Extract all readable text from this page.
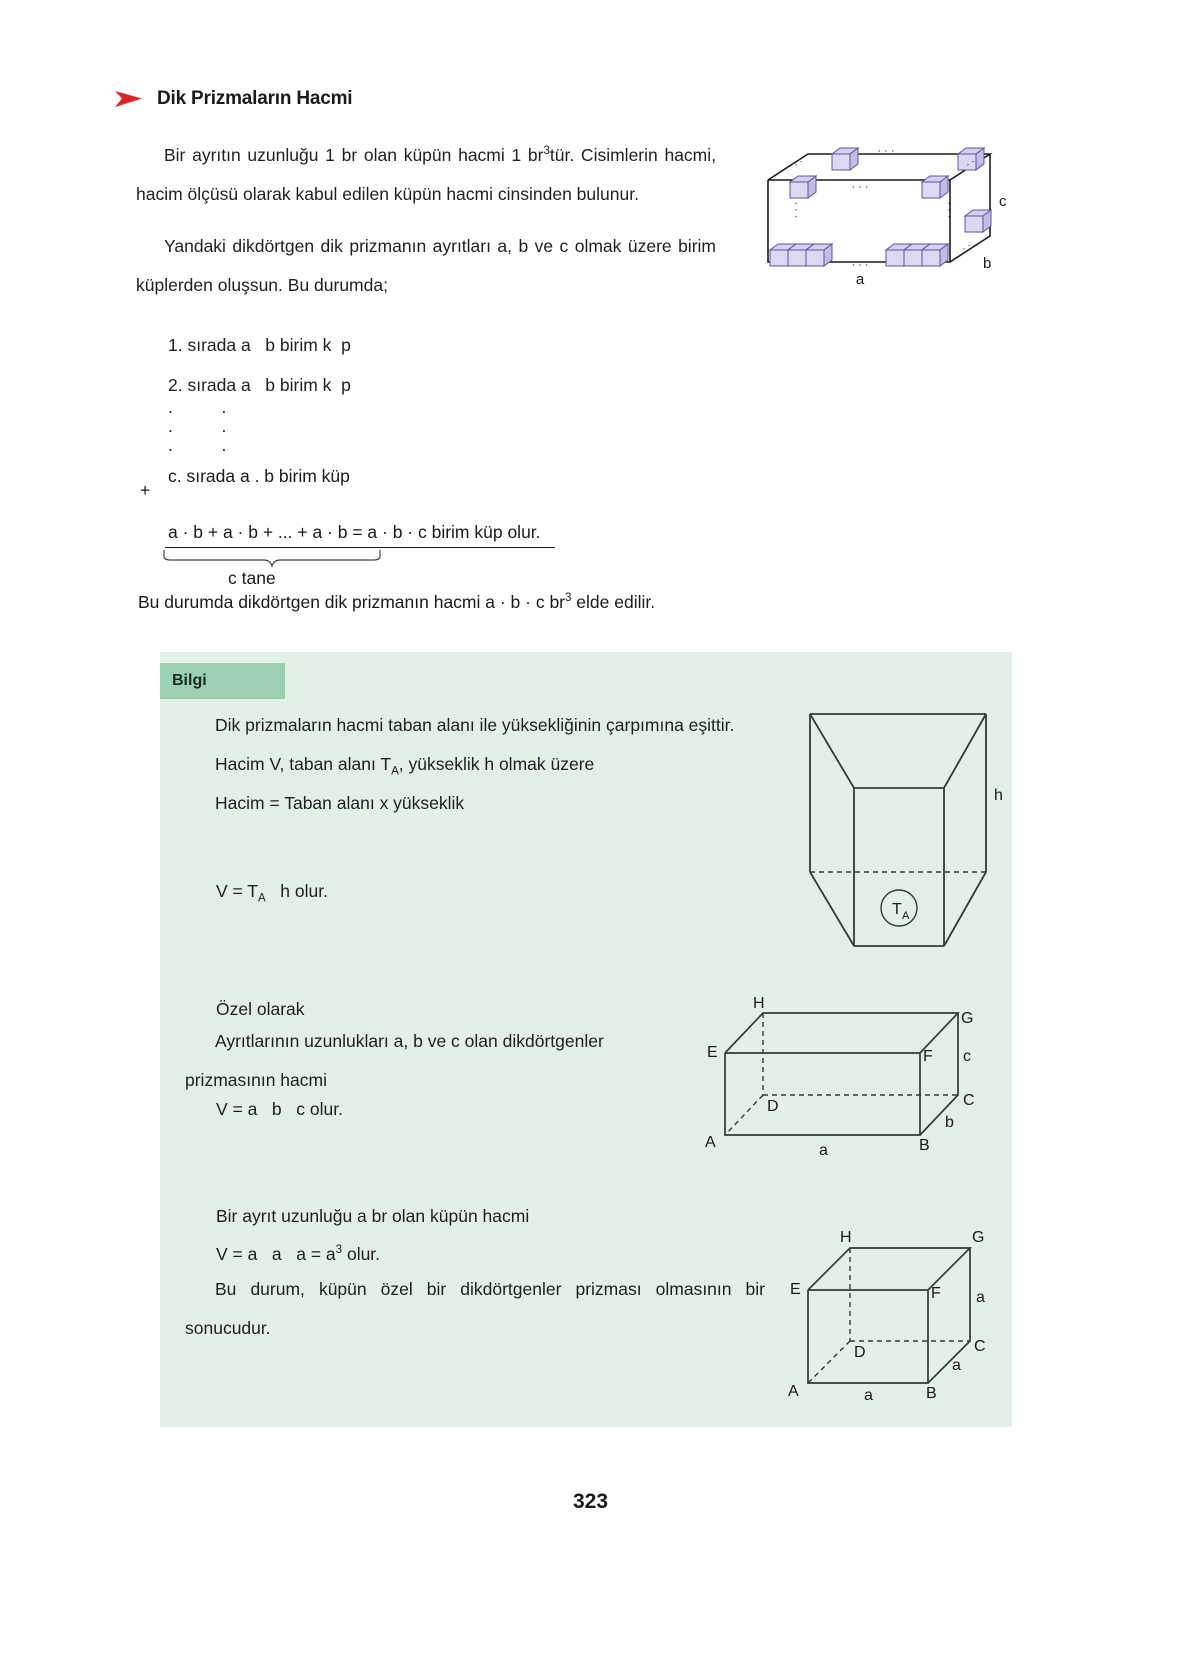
Dik Prizmaların Hacmi

Bir ayrıtın uzunluğu 1 br olan küpün hacmi 1 $br^3tür$. Cisimlerin hacmi, hacim ölçüsü olarak kabul edilen küpün hacmi cinsinden bulunur.

Yandaki dikdörtgen dik prizmanın ayrıtları a, b ve c olmak üzere birim küplerden oluşsun. Bu durumda;

1. sırada a   b birim k  p
2. sırada a   b birim k  p
.          .
.          .
.          .
+
c. sırada a . b birim küp
a · b + a · b + ... + a · b = a · b · c birim küp olur.
c tane
Bu durumda dikdörtgen dik prizmanın hacmi a · b · c $br^3$ elde edilir.
· · ·
· · ·
· · ·
· · ·	· · ·
· ·	· ·
· ·
a
b
c
Bilgi

Dik prizmaların hacmi taban alanı ile yüksekliğinin çarpımına eşittir.

Hacim V, taban alanı $T_A$, yükseklik h olmak üzere

Hacim = Taban alanı x yükseklik

$V = T_A$   h olur.
Özel olarak

Ayrıtlarının uzunlukları a, b ve c olan dikdörtgenler prizmasının hacmi

V = a   b   c olur.
Bir ayrıt uzunluğu a br olan küpün hacmi
V = a   a   $a = a^3$ olur.

Bu durum, küpün özel bir dikdörtgenler prizması olmasının bir sonucudur.

T A
h
E	F
G
H
A	B
C
D
a
b
c
E	F
G
H
A	B
C
D
a
a
a
323
